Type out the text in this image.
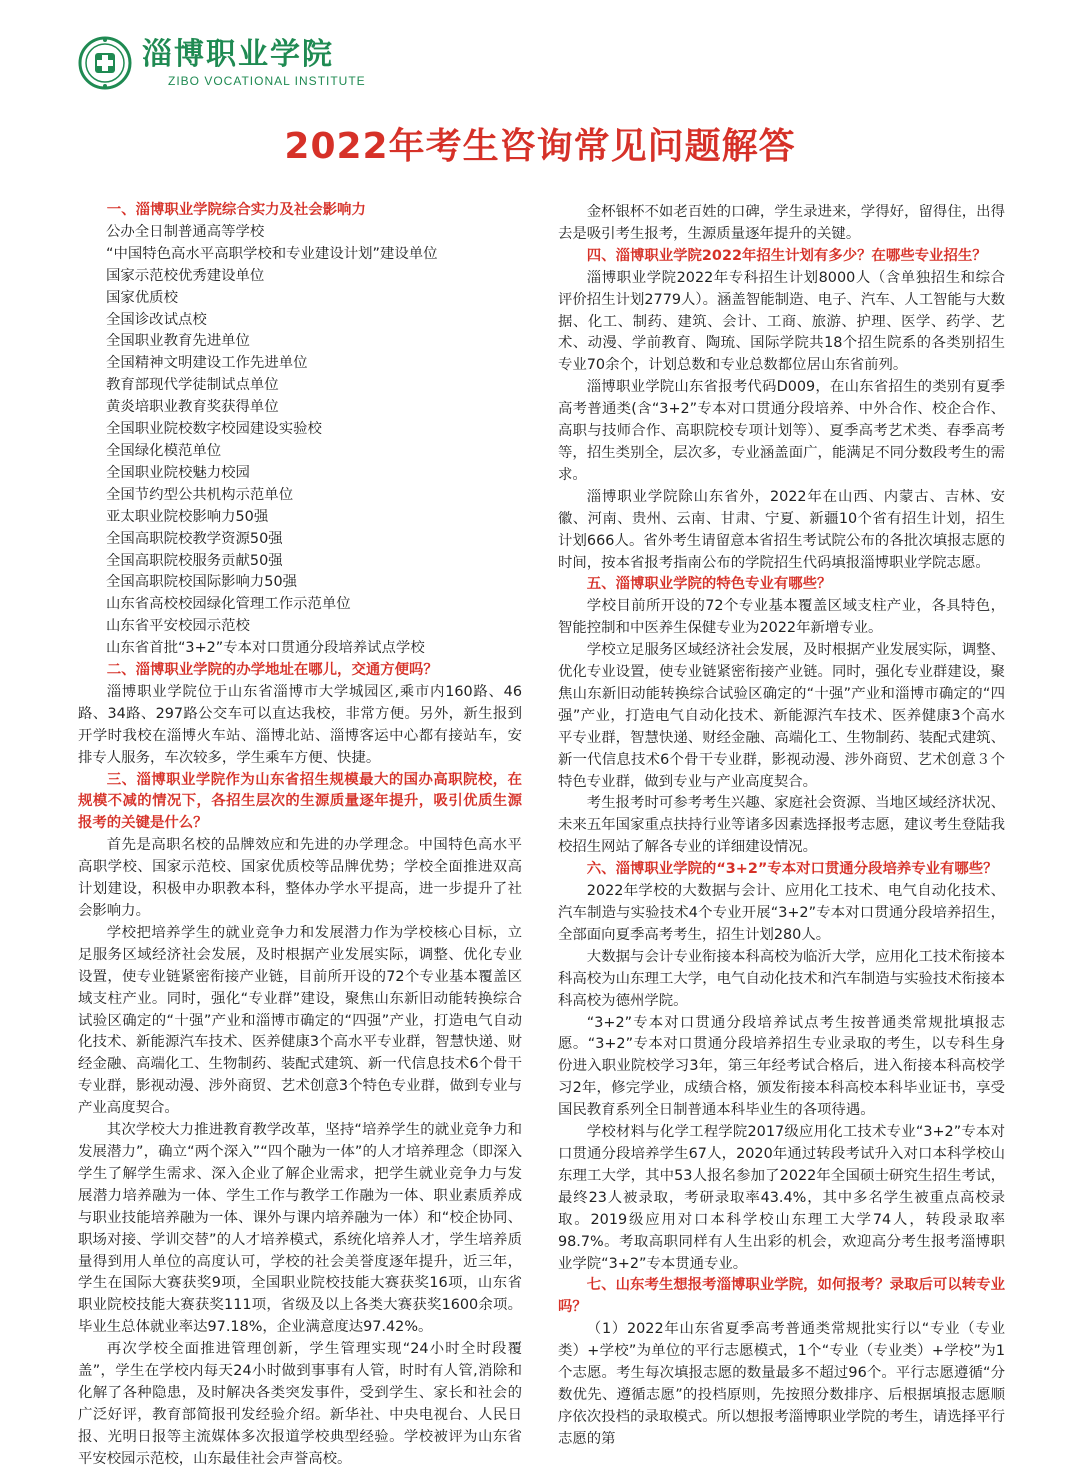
淄博职业学院
ZIBO VOCATIONAL INSTITUTE
2022年考生咨询常见问题解答

一、淄博职业学院综合实力及社会影响力

公办全日制普通高等学校
“中国特色高水平高职学校和专业建设计划”建设单位
国家示范校优秀建设单位
国家优质校
全国诊改试点校
全国职业教育先进单位
全国精神文明建设工作先进单位
教育部现代学徒制试点单位
黄炎培职业教育奖获得单位
全国职业院校数字校园建设实验校
全国绿化模范单位
全国职业院校魅力校园
全国节约型公共机构示范单位
亚太职业院校影响力50强
全国高职院校教学资源50强
全国高职院校服务贡献50强
全国高职院校国际影响力50强
山东省高校校园绿化管理工作示范单位
山东省平安校园示范校
山东省首批“3+2”专本对口贯通分段培养试点学校

二、淄博职业学院的办学地址在哪儿，交通方便吗？

淄博职业学院位于山东省淄博市大学城园区,乘市内160路、46路、34路、297路公交车可以直达我校，非常方便。另外，新生报到开学时我校在淄博火车站、淄博北站、淄博客运中心都有接站车，安排专人服务，车次较多，学生乘车方便、快捷。

三、淄博职业学院作为山东省招生规模最大的国办高职院校，在规模不减的情况下，各招生层次的生源质量逐年提升，吸引优质生源报考的关键是什么？

首先是高职名校的品牌效应和先进的办学理念。中国特色高水平高职学校、国家示范校、国家优质校等品牌优势；学校全面推进双高计划建设，积极申办职教本科，整体办学水平提高，进一步提升了社会影响力。

学校把培养学生的就业竞争力和发展潜力作为学校核心目标，立足服务区域经济社会发展，及时根据产业发展实际，调整、优化专业设置，使专业链紧密衔接产业链，目前所开设的72个专业基本覆盖区域支柱产业。同时，强化“专业群”建设，聚焦山东新旧动能转换综合试验区确定的“十强”产业和淄博市确定的“四强”产业，打造电气自动化技术、新能源汽车技术、医养健康3个高水平专业群，智慧快递、财经金融、高端化工、生物制药、装配式建筑、新一代信息技术6个骨干专业群，影视动漫、涉外商贸、艺术创意3个特色专业群，做到专业与产业高度契合。

其次学校大力推进教育教学改革，坚持“培养学生的就业竞争力和发展潜力”，确立“两个深入”“四个融为一体”的人才培养理念（即深入学生了解学生需求、深入企业了解企业需求，把学生就业竞争力与发展潜力培养融为一体、学生工作与教学工作融为一体、职业素质养成与职业技能培养融为一体、课外与课内培养融为一体）和“校企协同、职场对接、学训交替”的人才培养模式，系统化培养人才，学生培养质量得到用人单位的高度认可，学校的社会美誉度逐年提升，近三年，学生在国际大赛获奖9项，全国职业院校技能大赛获奖16项，山东省职业院校技能大赛获奖111项，省级及以上各类大赛获奖1600余项。毕业生总体就业率达97.18%，企业满意度达97.42%。

再次学校全面推进管理创新，学生管理实现“24小时全时段覆盖”，学生在学校内每天24小时做到事事有人管，时时有人管,消除和化解了各种隐患，及时解决各类突发事件，受到学生、家长和社会的广泛好评，教育部简报刊发经验介绍。新华社、中央电视台、人民日报、光明日报等主流媒体多次报道学校典型经验。学校被评为山东省平安校园示范校，山东最佳社会声誉高校。

金杯银杯不如老百姓的口碑，学生录进来，学得好，留得住，出得去是吸引考生报考，生源质量逐年提升的关键。

四、淄博职业学院2022年招生计划有多少？在哪些专业招生？

淄博职业学院2022年专科招生计划8000人（含单独招生和综合评价招生计划2779人）。涵盖智能制造、电子、汽车、人工智能与大数据、化工、制药、建筑、会计、工商、旅游、护理、医学、药学、艺术、动漫、学前教育、陶琉、国际学院共18个招生院系的各类别招生专业70余个，计划总数和专业总数都位居山东省前列。

淄博职业学院山东省报考代码D009，在山东省招生的类别有夏季高考普通类(含“3+2”专本对口贯通分段培养、中外合作、校企合作、高职与技师合作、高职院校专项计划等）、夏季高考艺术类、春季高考等，招生类别全，层次多，专业涵盖面广，能满足不同分数段考生的需求。

淄博职业学院除山东省外，2022年在山西、内蒙古、吉林、安徽、河南、贵州、云南、甘肃、宁夏、新疆10个省有招生计划，招生计划666人。省外考生请留意本省招生考试院公布的各批次填报志愿的时间，按本省报考指南公布的学院招生代码填报淄博职业学院志愿。

五、淄博职业学院的特色专业有哪些？

学校目前所开设的72个专业基本覆盖区域支柱产业，各具特色，智能控制和中医养生保健专业为2022年新增专业。

学校立足服务区域经济社会发展，及时根据产业发展实际，调整、优化专业设置，使专业链紧密衔接产业链。同时，强化专业群建设，聚焦山东新旧动能转换综合试验区确定的“十强”产业和淄博市确定的“四强”产业，打造电气自动化技术、新能源汽车技术、医养健康3个高水平专业群，智慧快递、财经金融、高端化工、生物制药、装配式建筑、新一代信息技术6个骨干专业群，影视动漫、涉外商贸、艺术创意３个特色专业群，做到专业与产业高度契合。

考生报考时可参考考生兴趣、家庭社会资源、当地区域经济状况、未来五年国家重点扶持行业等诸多因素选择报考志愿，建议考生登陆我校招生网站了解各专业的详细建设情况。

六、淄博职业学院的“3+2”专本对口贯通分段培养专业有哪些？

2022年学校的大数据与会计、应用化工技术、电气自动化技术、汽车制造与实验技术4个专业开展“3+2”专本对口贯通分段培养招生，全部面向夏季高考考生，招生计划280人。

大数据与会计专业衔接本科高校为临沂大学，应用化工技术衔接本科高校为山东理工大学，电气自动化技术和汽车制造与实验技术衔接本科高校为德州学院。

“3+2”专本对口贯通分段培养试点考生按普通类常规批填报志愿。“3+2”专本对口贯通分段培养招生专业录取的考生，以专科生身份进入职业院校学习3年，第三年经考试合格后，进入衔接本科高校学习2年，修完学业，成绩合格，颁发衔接本科高校本科毕业证书，享受国民教育系列全日制普通本科毕业生的各项待遇。

学校材料与化学工程学院2017级应用化工技术专业“3+2”专本对口贯通分段培养学生67人，2020年通过转段考试升入对口本科学校山东理工大学，其中53人报名参加了2022年全国硕士研究生招生考试，最终23人被录取，考研录取率43.4%，其中多名学生被重点高校录取。2019级应用对口本科学校山东理工大学74人，转段录取率98.7%。考取高职同样有人生出彩的机会，欢迎高分考生报考淄博职业学院“3+2”专本贯通专业。

七、山东考生想报考淄博职业学院，如何报考？录取后可以转专业吗？

（1）2022年山东省夏季高考普通类常规批实行以“专业（专业类）+学校”为单位的平行志愿模式，1个“专业（专业类）+学校”为1个志愿。考生每次填报志愿的数量最多不超过96个。平行志愿遵循“分数优先、遵循志愿”的投档原则，先按照分数排序、后根据填报志愿顺序依次投档的录取模式。所以想报考淄博职业学院的考生，请选择平行志愿的第
